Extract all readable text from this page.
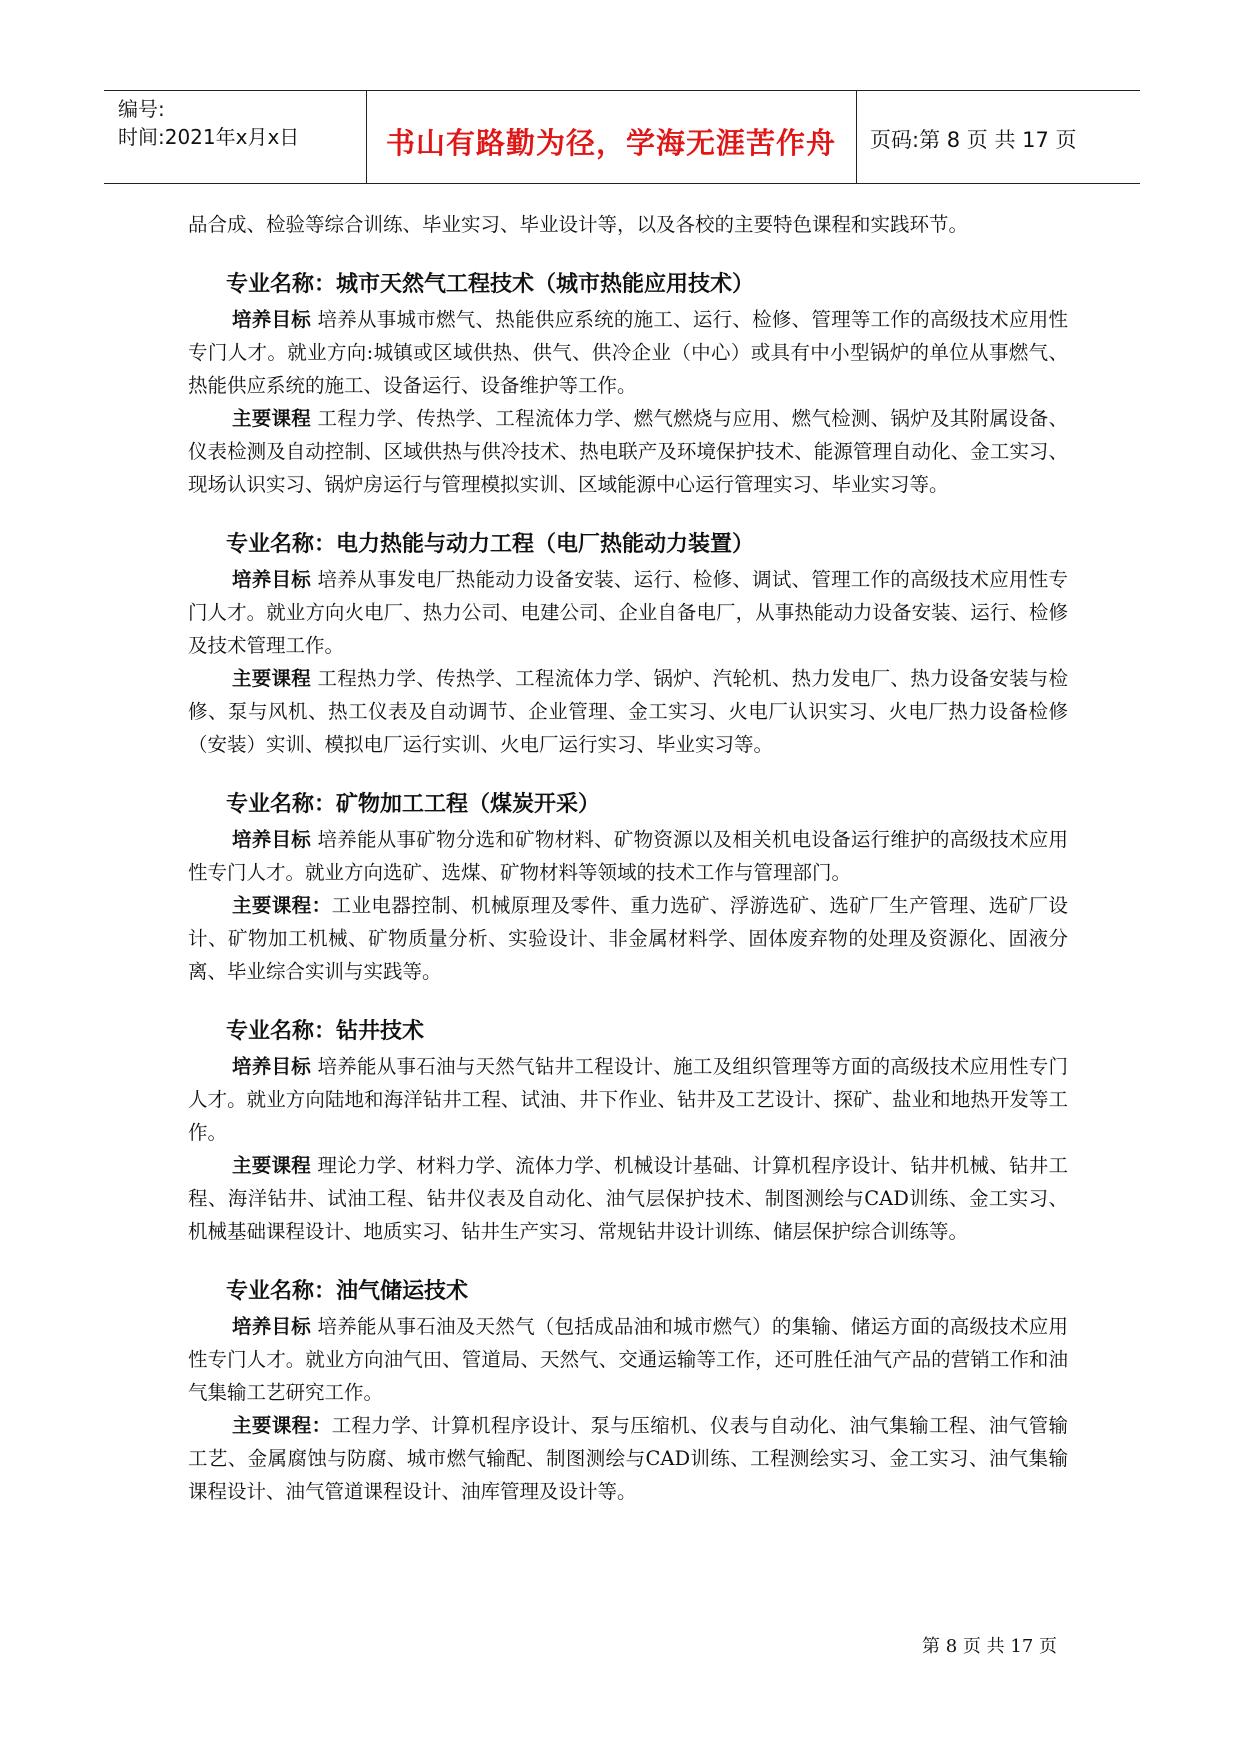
编号:
时间:2021年x月x日	书山有路勤为径，学海无涯苦作舟	页码:第 8 页 共 17 页

品合成、检验等综合训练、毕业实习、毕业设计等，以及各校的主要特色课程和实践环节。

专业名称：城市天然气工程技术（城市热能应用技术）

培养目标 培养从事城市燃气、热能供应系统的施工、运行、检修、管理等工作的高级技术应用性专门人才。就业方向:城镇或区域供热、供气、供冷企业（中心）或具有中小型锅炉的单位从事燃气、热能供应系统的施工、设备运行、设备维护等工作。

主要课程 工程力学、传热学、工程流体力学、燃气燃烧与应用、燃气检测、锅炉及其附属设备、仪表检测及自动控制、区域供热与供冷技术、热电联产及环境保护技术、能源管理自动化、金工实习、现场认识实习、锅炉房运行与管理模拟实训、区域能源中心运行管理实习、毕业实习等。

专业名称：电力热能与动力工程（电厂热能动力装置）

培养目标 培养从事发电厂热能动力设备安装、运行、检修、调试、管理工作的高级技术应用性专门人才。就业方向火电厂、热力公司、电建公司、企业自备电厂，从事热能动力设备安装、运行、检修及技术管理工作。

主要课程 工程热力学、传热学、工程流体力学、锅炉、汽轮机、热力发电厂、热力设备安装与检修、泵与风机、热工仪表及自动调节、企业管理、金工实习、火电厂认识实习、火电厂热力设备检修（安装）实训、模拟电厂运行实训、火电厂运行实习、毕业实习等。

专业名称：矿物加工工程（煤炭开采）

培养目标 培养能从事矿物分选和矿物材料、矿物资源以及相关机电设备运行维护的高级技术应用性专门人才。就业方向选矿、选煤、矿物材料等领域的技术工作与管理部门。

主要课程：工业电器控制、机械原理及零件、重力选矿、浮游选矿、选矿厂生产管理、选矿厂设计、矿物加工机械、矿物质量分析、实验设计、非金属材料学、固体废弃物的处理及资源化、固液分离、毕业综合实训与实践等。

专业名称：钻井技术

培养目标 培养能从事石油与天然气钻井工程设计、施工及组织管理等方面的高级技术应用性专门人才。就业方向陆地和海洋钻井工程、试油、井下作业、钻井及工艺设计、探矿、盐业和地热开发等工作。

主要课程 理论力学、材料力学、流体力学、机械设计基础、计算机程序设计、钻井机械、钻井工程、海洋钻井、试油工程、钻井仪表及自动化、油气层保护技术、制图测绘与CAD训练、金工实习、机械基础课程设计、地质实习、钻井生产实习、常规钻井设计训练、储层保护综合训练等。

专业名称：油气储运技术

培养目标 培养能从事石油及天然气（包括成品油和城市燃气）的集输、储运方面的高级技术应用性专门人才。就业方向油气田、管道局、天然气、交通运输等工作，还可胜任油气产品的营销工作和油气集输工艺研究工作。

主要课程：工程力学、计算机程序设计、泵与压缩机、仪表与自动化、油气集输工程、油气管输工艺、金属腐蚀与防腐、城市燃气输配、制图测绘与CAD训练、工程测绘实习、金工实习、油气集输课程设计、油气管道课程设计、油库管理及设计等。

第 8 页 共 17 页
